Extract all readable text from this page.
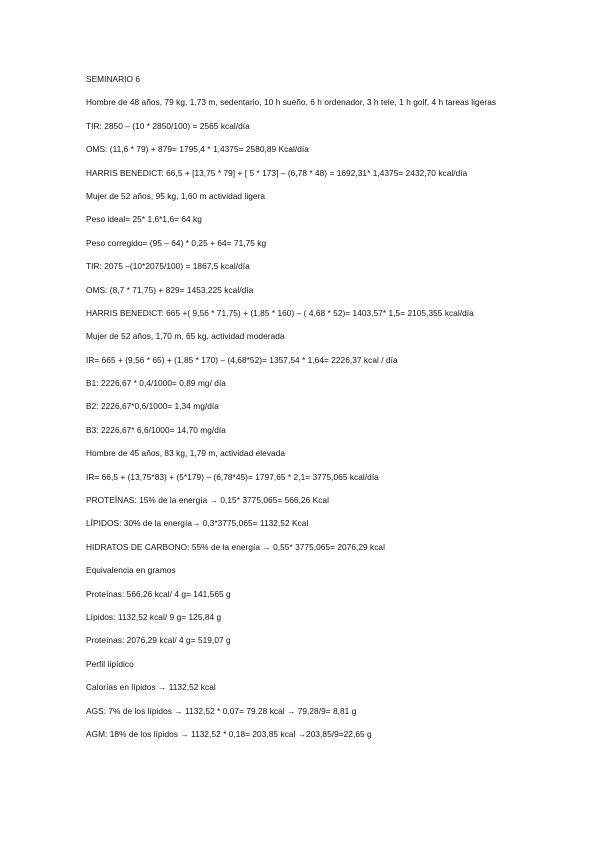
SEMINARIO 6

Hombre de 48 años, 79 kg, 1,73 m, sedentario, 10 h sueño, 6 h ordenador, 3 h tele, 1 h golf, 4 h tareas ligeras

TIR: 2850 – (10 * 2850/100) = 2565 kcal/día

OMS: (11,6 * 79) + 879= 1795,4 * 1,4375= 2580,89 Kcal/día

HARRIS BENEDICT: 66,5 + [13,75 * 79] + [ 5 * 173] – (6,78 * 48) = 1692,31* 1,4375= 2432,70 kcal/día

Mujer de 52 años, 95 kg, 1,60 m actividad ligera

Peso ideal= 25* 1,6*1,6= 64 kg

Peso corregido= (95 – 64) * 0,25 + 64= 71,75 kg

TIR: 2075 –(10*2075/100) = 1867,5 kcal/día

OMS: (8,7 * 71,75) + 829= 1453,225 kcal/día

HARRIS BENEDICT: 665 +( 9,56 * 71,75) + (1,85 * 160) – ( 4,68 * 52)= 1403,57* 1,5= 2105,355 kcal/día

Mujer de 52 años, 1,70 m, 65 kg, actividad moderada

IR= 665 + (9,56 * 65) + (1,85 * 170) – (4,68*52)= 1357,54 * 1,64= 2226,37 kcal / día

B1: 2226,67 * 0,4/1000= 0,89 mg/ día

B2: 2226,67*0,6/1000= 1,34 mg/día

B3: 2226,67* 6,6/1000= 14,70 mg/día

Hombre de 45 años, 83 kg, 1,79 m, actividad elevada

IR= 66,5 + (13,75*83) + (5*179) – (6,78*45)= 1797,65 * 2,1= 3775,065 kcal/día

PROTEÍNAS: 15% de la energía → 0,15* 3775,065= 566,26 Kcal

LÍPIDOS: 30% de la energía→ 0,3*3775,065= 1132,52 Kcal

HIDRATOS DE CARBONO: 55% de la energía → 0,55* 3775,065= 2076,29 kcal

Equivalencia en gramos

Proteínas: 566,26 kcal/ 4 g= 141,565 g

Lípidos: 1132,52 kcal/ 9 g= 125,84 g

Proteínas: 2076,29 kcal/ 4 g= 519,07 g

Perfil lipídico

Calorías en lípidos → 1132,52 kcal

AGS: 7% de los lípidos → 1132,52 * 0,07= 79.28 kcal → 79,28/9= 8,81 g

AGM: 18% de los lípidos → 1132,52 * 0,18= 203,85 kcal →203,85/9=22,65 g
